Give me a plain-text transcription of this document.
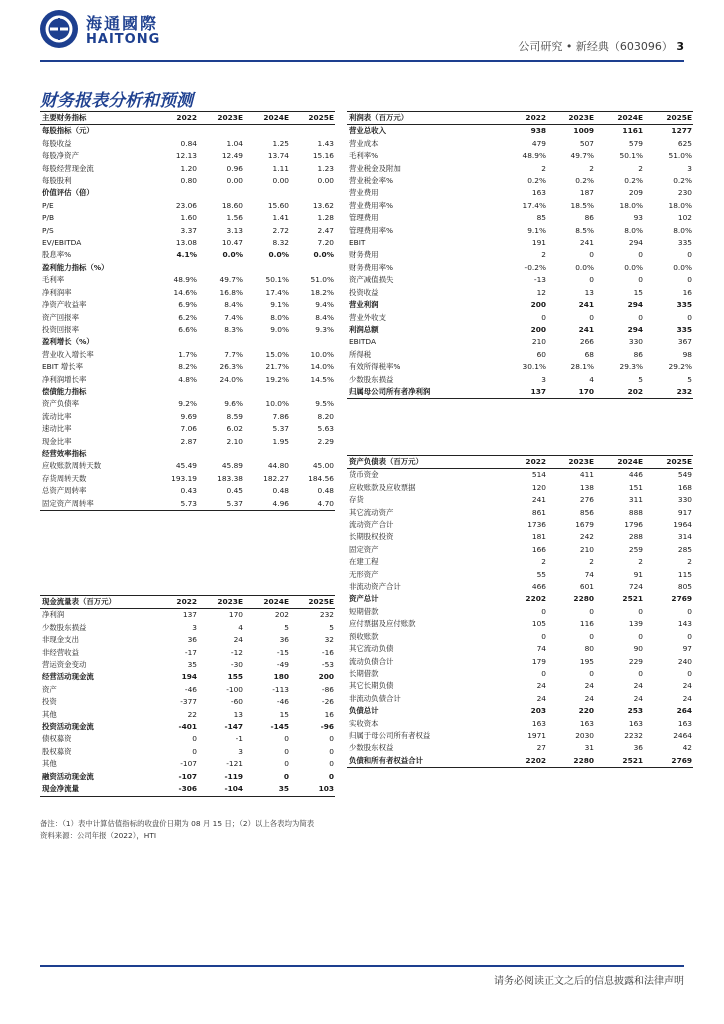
海通國際
HAITONG	公司研究 • 新经典（603096） 3
财务报表分析和预测
主要财务指标	2022	2023E	2024E	2025E
每股指标（元）				
每股收益	0.84	1.04	1.25	1.43
每股净资产	12.13	12.49	13.74	15.16
每股经营现金流	1.20	0.96	1.11	1.23
每股股利	0.80	0.00	0.00	0.00
价值评估（倍）				
P/E	23.06	18.60	15.60	13.62
P/B	1.60	1.56	1.41	1.28
P/S	3.37	3.13	2.72	2.47
EV/EBITDA	13.08	10.47	8.32	7.20
股息率%	4.1%	0.0%	0.0%	0.0%
盈利能力指标（%）				
毛利率	48.9%	49.7%	50.1%	51.0%
净利润率	14.6%	16.8%	17.4%	18.2%
净资产收益率	6.9%	8.4%	9.1%	9.4%
资产回报率	6.2%	7.4%	8.0%	8.4%
投资回报率	6.6%	8.3%	9.0%	9.3%
盈利增长（%）				
营业收入增长率	1.7%	7.7%	15.0%	10.0%
EBIT 增长率	8.2%	26.3%	21.7%	14.0%
净利润增长率	4.8%	24.0%	19.2%	14.5%
偿债能力指标				
资产负债率	9.2%	9.6%	10.0%	9.5%
流动比率	9.69	8.59	7.86	8.20
速动比率	7.06	6.02	5.37	5.63
现金比率	2.87	2.10	1.95	2.29
经营效率指标				
应收账款周转天数	45.49	45.89	44.80	45.00
存货周转天数	193.19	183.38	182.27	184.56
总资产周转率	0.43	0.45	0.48	0.48
固定资产周转率	5.73	5.37	4.96	4.70
利润表（百万元）	2022	2023E	2024E	2025E
营业总收入	938	1009	1161	1277
营业成本	479	507	579	625
毛利率%	48.9%	49.7%	50.1%	51.0%
营业税金及附加	2	2	2	3
营业税金率%	0.2%	0.2%	0.2%	0.2%
营业费用	163	187	209	230
营业费用率%	17.4%	18.5%	18.0%	18.0%
管理费用	85	86	93	102
管理费用率%	9.1%	8.5%	8.0%	8.0%
EBIT	191	241	294	335
财务费用	2	0	0	0
财务费用率%	-0.2%	0.0%	0.0%	0.0%
资产减值损失	-13	0	0	0
投资收益	12	13	15	16
营业利润	200	241	294	335
营业外收支	0	0	0	0
利润总额	200	241	294	335
EBITDA	210	266	330	367
所得税	60	68	86	98
有效所得税率%	30.1%	28.1%	29.3%	29.2%
少数股东损益	3	4	5	5
归属母公司所有者净利润	137	170	202	232
资产负债表（百万元）	2022	2023E	2024E	2025E
货币资金	514	411	446	549
应收账款及应收票据	120	138	151	168
存货	241	276	311	330
其它流动资产	861	856	888	917
流动资产合计	1736	1679	1796	1964
长期股权投资	181	242	288	314
固定资产	166	210	259	285
在建工程	2	2	2	2
无形资产	55	74	91	115
非流动资产合计	466	601	724	805
资产总计	2202	2280	2521	2769
短期借款	0	0	0	0
应付票据及应付账款	105	116	139	143
预收账款	0	0	0	0
其它流动负债	74	80	90	97
流动负债合计	179	195	229	240
长期借款	0	0	0	0
其它长期负债	24	24	24	24
非流动负债合计	24	24	24	24
负债总计	203	220	253	264
实收资本	163	163	163	163
归属于母公司所有者权益	1971	2030	2232	2464
少数股东权益	27	31	36	42
负债和所有者权益合计	2202	2280	2521	2769
现金流量表（百万元）	2022	2023E	2024E	2025E
净利润	137	170	202	232
少数股东损益	3	4	5	5
非现金支出	36	24	36	32
非经营收益	-17	-12	-15	-16
营运资金变动	35	-30	-49	-53
经营活动现金流	194	155	180	200
资产	-46	-100	-113	-86
投资	-377	-60	-46	-26
其他	22	13	15	16
投资活动现金流	-401	-147	-145	-96
债权募资	0	-1	0	0
股权募资	0	3	0	0
其他	-107	-121	0	0
融资活动现金流	-107	-119	0	0
现金净流量	-306	-104	35	103
备注：（1）表中计算估值指标的收盘价日期为 08 月 15 日；（2）以上各表均为简表
资料来源：公司年报（2022），HTI
请务必阅读正文之后的信息披露和法律声明
